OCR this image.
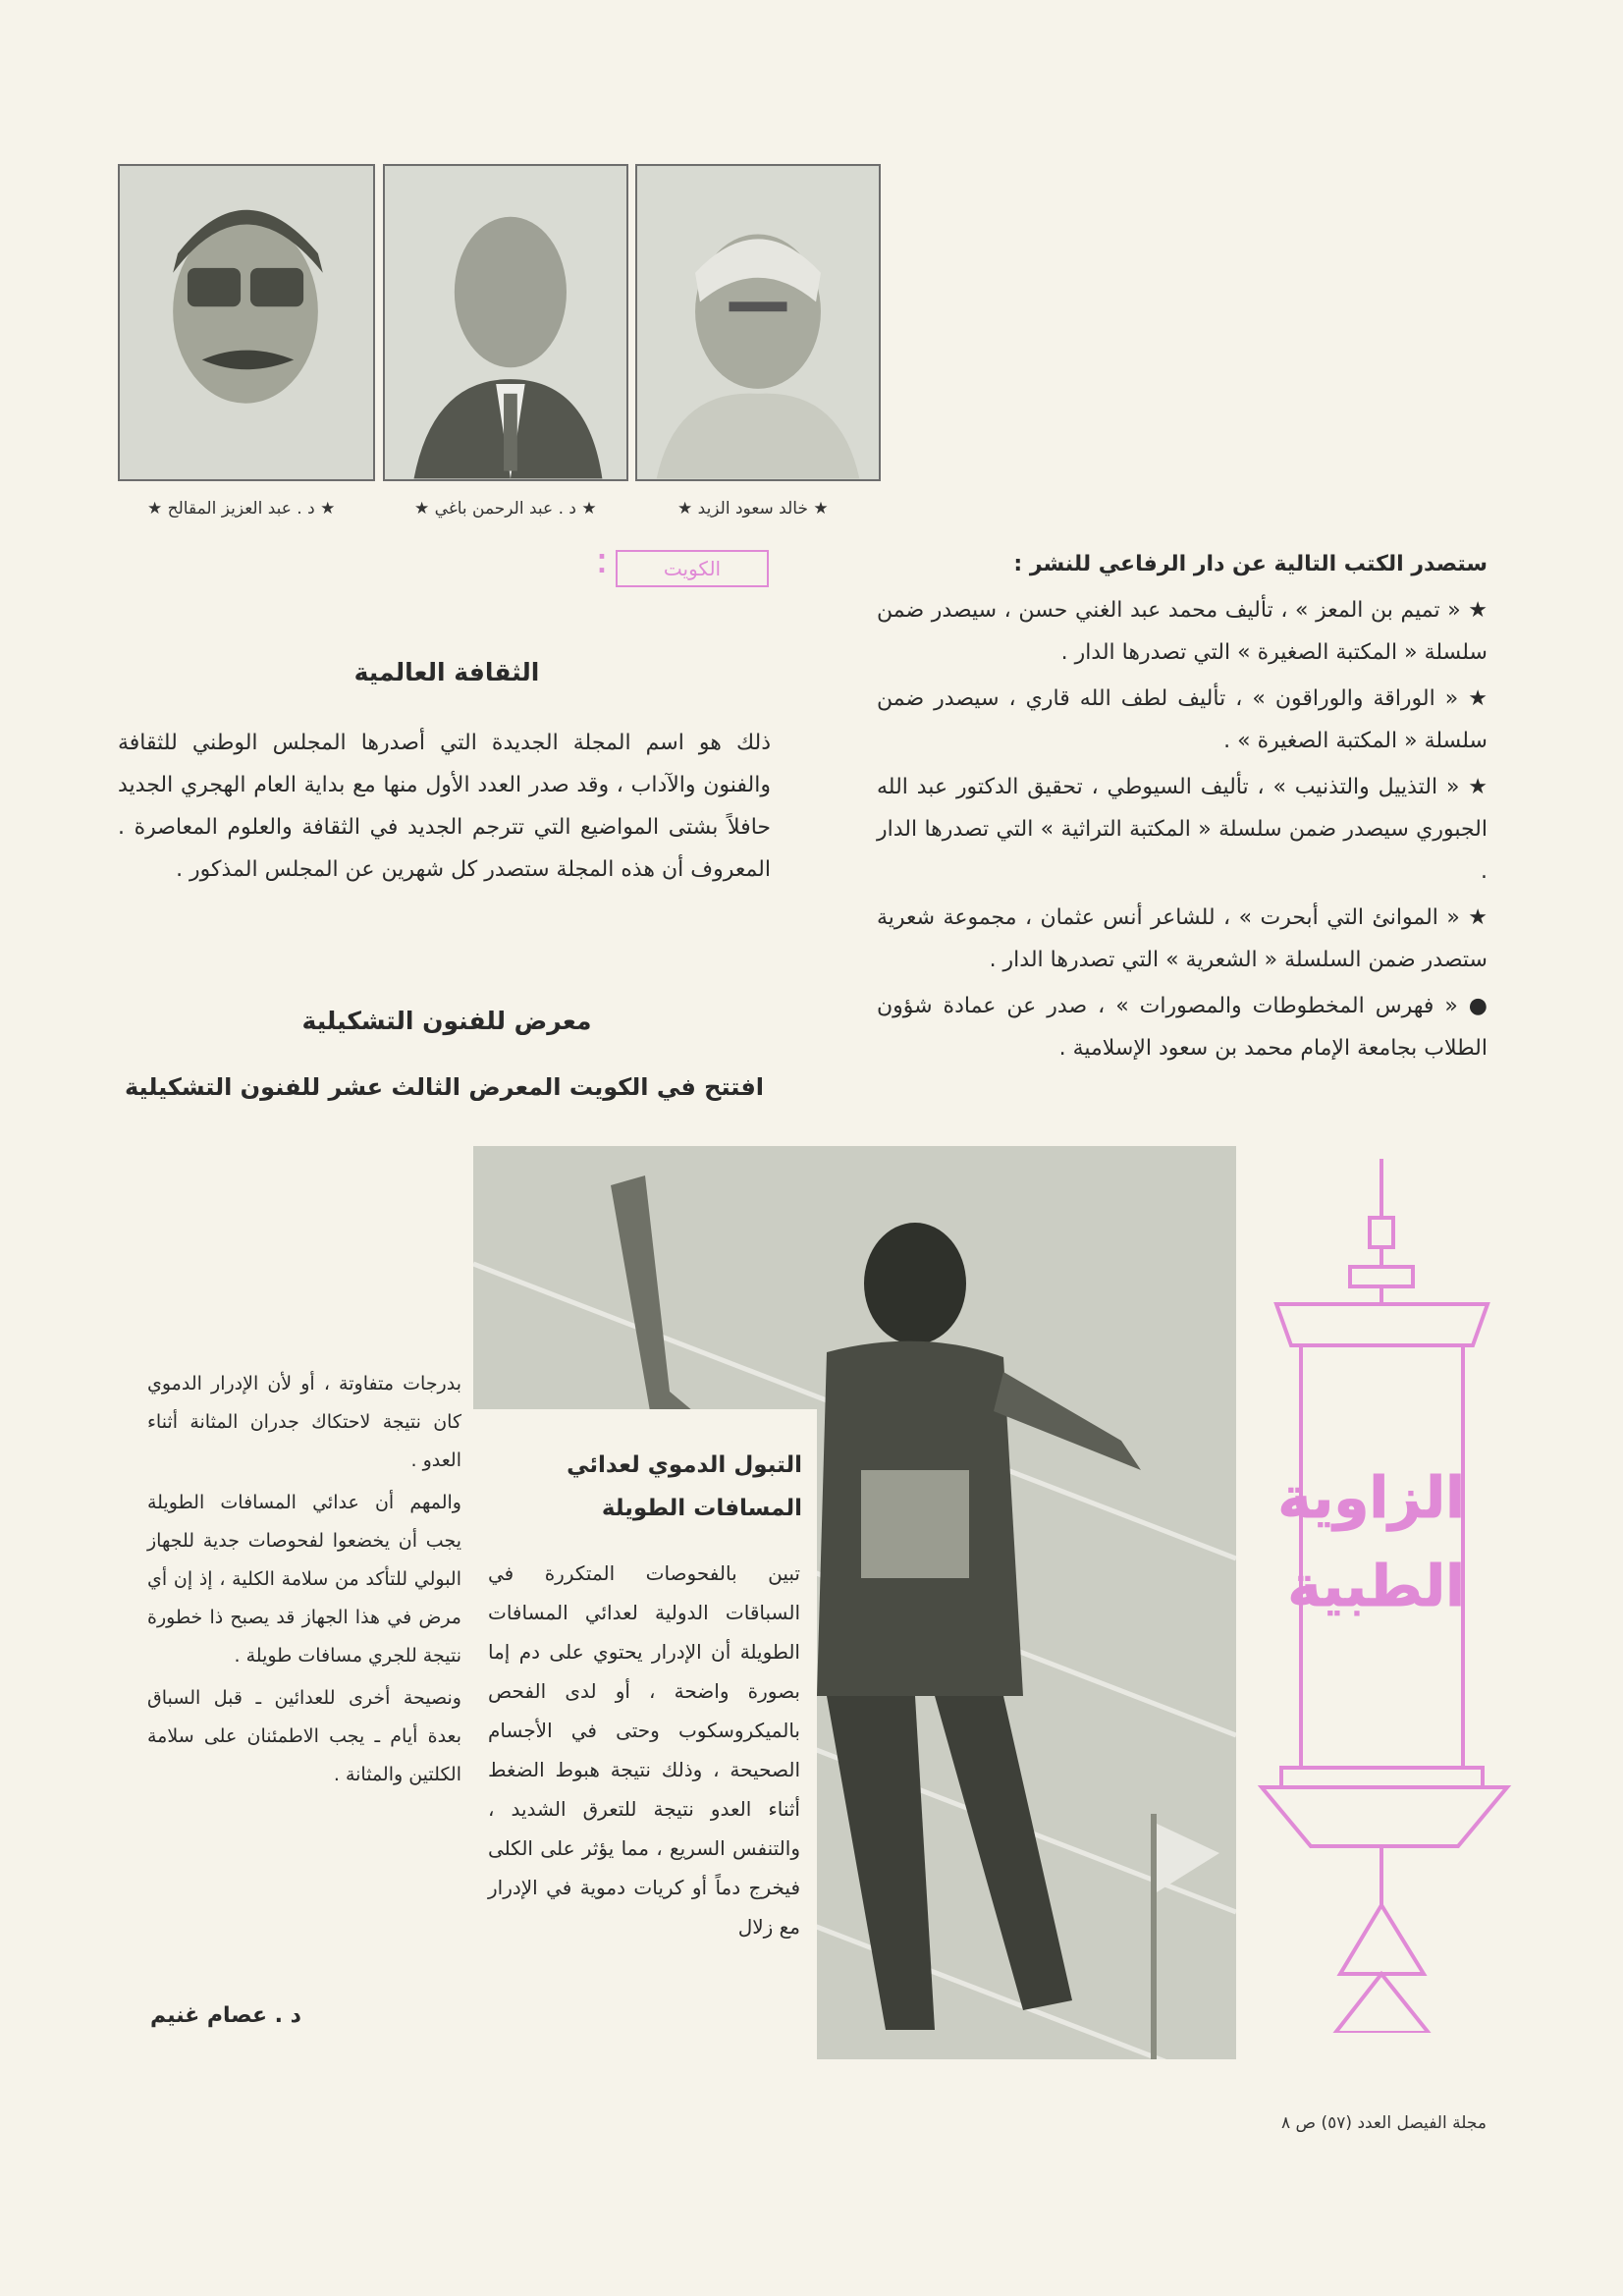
★ خالد سعود الزيد ★
★ د . عبد الرحمن باغي ★
★ د . عبد العزيز المقالح ★

ستصدر الكتب التالية عن دار الرفاعي للنشر :

★ « تميم بن المعز » ، تأليف محمد عبد الغني حسن ، سيصدر ضمن سلسلة « المكتبة الصغيرة » التي تصدرها الدار .

★ « الوراقة والوراقون » ، تأليف لطف الله قاري ، سيصدر ضمن سلسلة « المكتبة الصغيرة » .

★ « التذييل والتذنيب » ، تأليف السيوطي ، تحقيق الدكتور عبد الله الجبوري سيصدر ضمن سلسلة « المكتبة التراثية » التي تصدرها الدار .

★ « الموانئ التي أبحرت » ، للشاعر أنس عثمان ، مجموعة شعرية ستصدر ضمن السلسلة « الشعرية » التي تصدرها الدار .

● « فهرس المخطوطات والمصورات » ، صدر عن عمادة شؤون الطلاب بجامعة الإمام محمد بن سعود الإسلامية .

⁚	الكويت
الثقافة العالمية
ذلك هو اسم المجلة الجديدة التي أصدرها المجلس الوطني للثقافة والفنون والآداب ، وقد صدر العدد الأول منها مع بداية العام الهجري الجديد حافلاً بشتى المواضيع التي تترجم الجديد في الثقافة والعلوم المعاصرة . المعروف أن هذه المجلة ستصدر كل شهرين عن المجلس المذكور .
معرض للفنون التشكيلية
افتتح في الكويت المعرض الثالث عشر للفنون التشكيلية
التبول الدموي لعدائي المسافات الطويلة
تبين بالفحوصات المتكررة في السباقات الدولية لعدائي المسافات الطويلة أن الإدرار يحتوي على دم إما بصورة واضحة ، أو لدى الفحص بالميكروسكوب وحتى في الأجسام الصحيحة ، وذلك نتيجة هبوط الضغط أثناء العدو نتيجة للتعرق الشديد ، والتنفس السريع ، مما يؤثر على الكلى فيخرج دماً أو كريات دموية في الإدرار مع زلال

بدرجات متفاوتة ، أو لأن الإدرار الدموي كان نتيجة لاحتكاك جدران المثانة أثناء العدو .

والمهم أن عدائي المسافات الطويلة يجب أن يخضعوا لفحوصات جدية للجهاز البولي للتأكد من سلامة الكلية ، إذ إن أي مرض في هذا الجهاز قد يصبح ذا خطورة نتيجة للجري مسافات طويلة .

ونصيحة أخرى للعدائين ـ قبل السباق بعدة أيام ـ يجب الاطمئنان على سلامة الكلتين والمثانة .

د . عصام غنيم
الزاوية
الطبية
مجلة الفيصل العدد (٥٧) ص ٨
